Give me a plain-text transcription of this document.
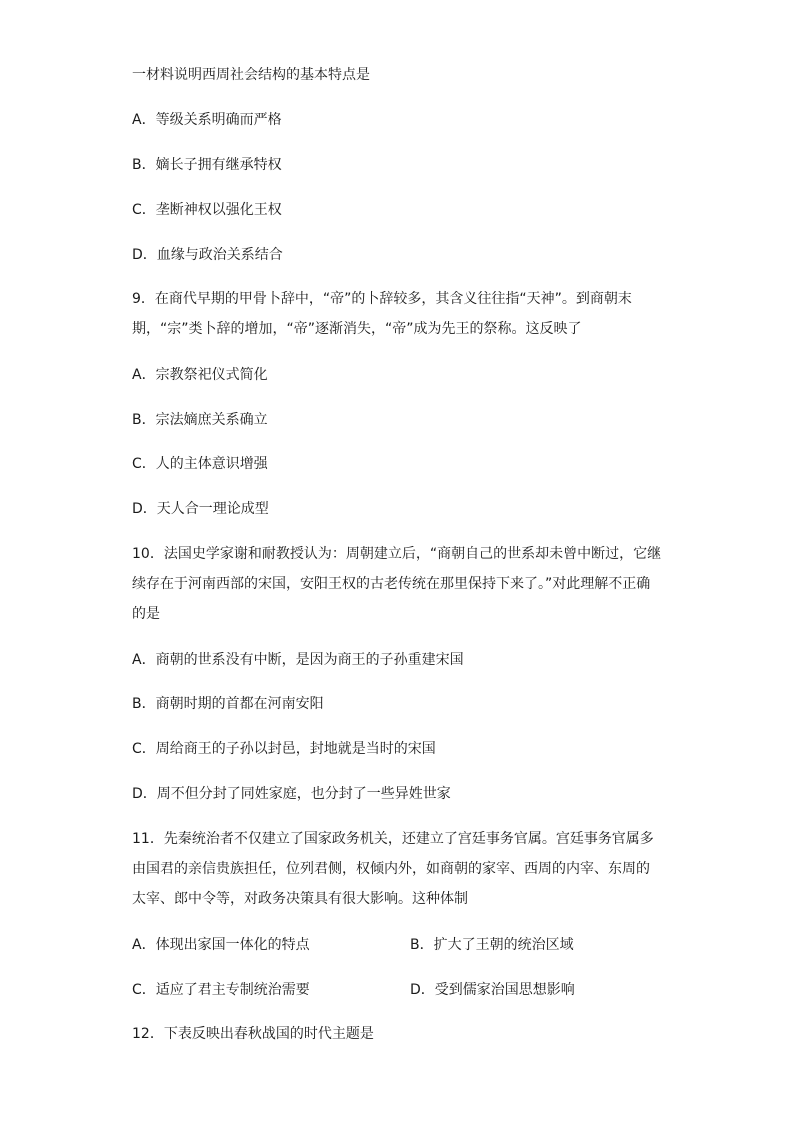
一材料说明西周社会结构的基本特点是
A．等级关系明确而严格
B．嫡长子拥有继承特权
C．垄断神权以强化王权
D．血缘与政治关系结合
9．在商代早期的甲骨卜辞中，“帝”的卜辞较多，其含义往往指“天神”。到商朝末
期，“宗”类卜辞的增加，“帝”逐渐消失，“帝”成为先王的祭称。这反映了
A．宗教祭祀仪式简化
B．宗法嫡庶关系确立
C．人的主体意识增强
D．天人合一理论成型
10．法国史学家谢和耐教授认为：周朝建立后，“商朝自己的世系却未曾中断过，它继
续存在于河南西部的宋国，安阳王权的古老传统在那里保持下来了。”对此理解不正确
的是
A．商朝的世系没有中断，是因为商王的子孙重建宋国
B．商朝时期的首都在河南安阳
C．周给商王的子孙以封邑，封地就是当时的宋国
D．周不但分封了同姓家庭，也分封了一些异姓世家
11．先秦统治者不仅建立了国家政务机关，还建立了宫廷事务官属。宫廷事务官属多
由国君的亲信贵族担任，位列君侧，权倾内外，如商朝的家宰、西周的内宰、东周的
太宰、郎中令等，对政务决策具有很大影响。这种体制
A．体现出家国一体化的特点	B．扩大了王朝的统治区域
C．适应了君主专制统治需要	D．受到儒家治国思想影响
12．下表反映出春秋战国的时代主题是
